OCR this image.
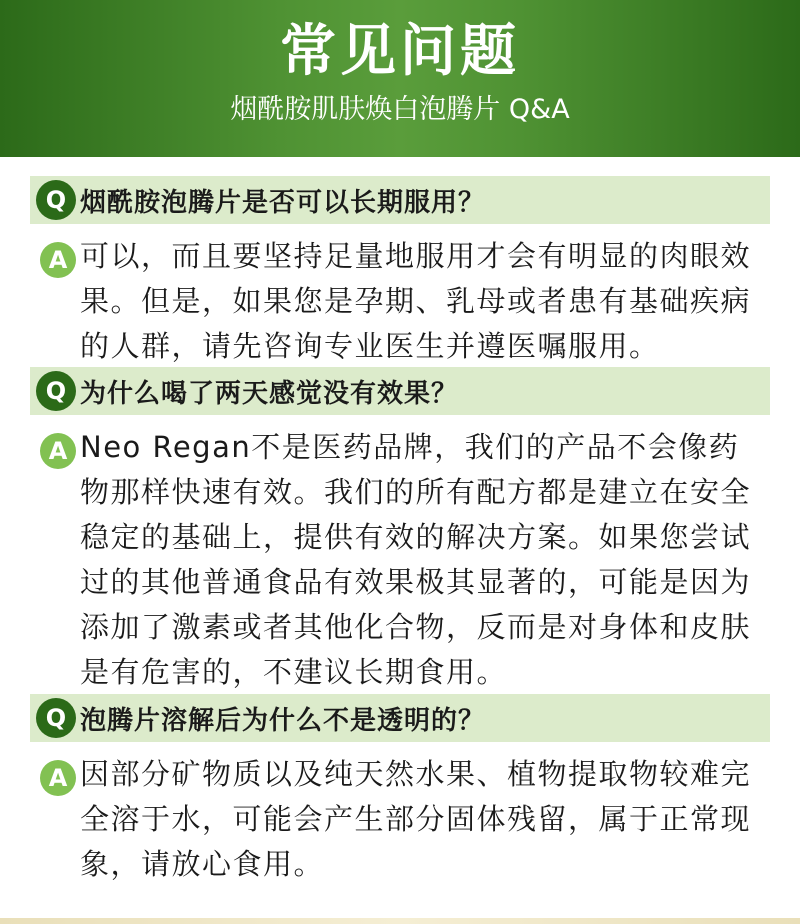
常见问题
烟酰胺肌肤焕白泡腾片 Q&A
Q 烟酰胺泡腾片是否可以长期服用？
A 可以，而且要坚持足量地服用才会有明显的肉眼效果。但是，如果您是孕期、乳母或者患有基础疾病的人群，请先咨询专业医生并遵医嘱服用。
Q 为什么喝了两天感觉没有效果？
A Neo Regan不是医药品牌，我们的产品不会像药物那样快速有效。我们的所有配方都是建立在安全稳定的基础上，提供有效的解决方案。如果您尝试过的其他普通食品有效果极其显著的，可能是因为添加了激素或者其他化合物，反而是对身体和皮肤是有危害的，不建议长期食用。
Q 泡腾片溶解后为什么不是透明的？
A 因部分矿物质以及纯天然水果、植物提取物较难完全溶于水，可能会产生部分固体残留，属于正常现象，请放心食用。
